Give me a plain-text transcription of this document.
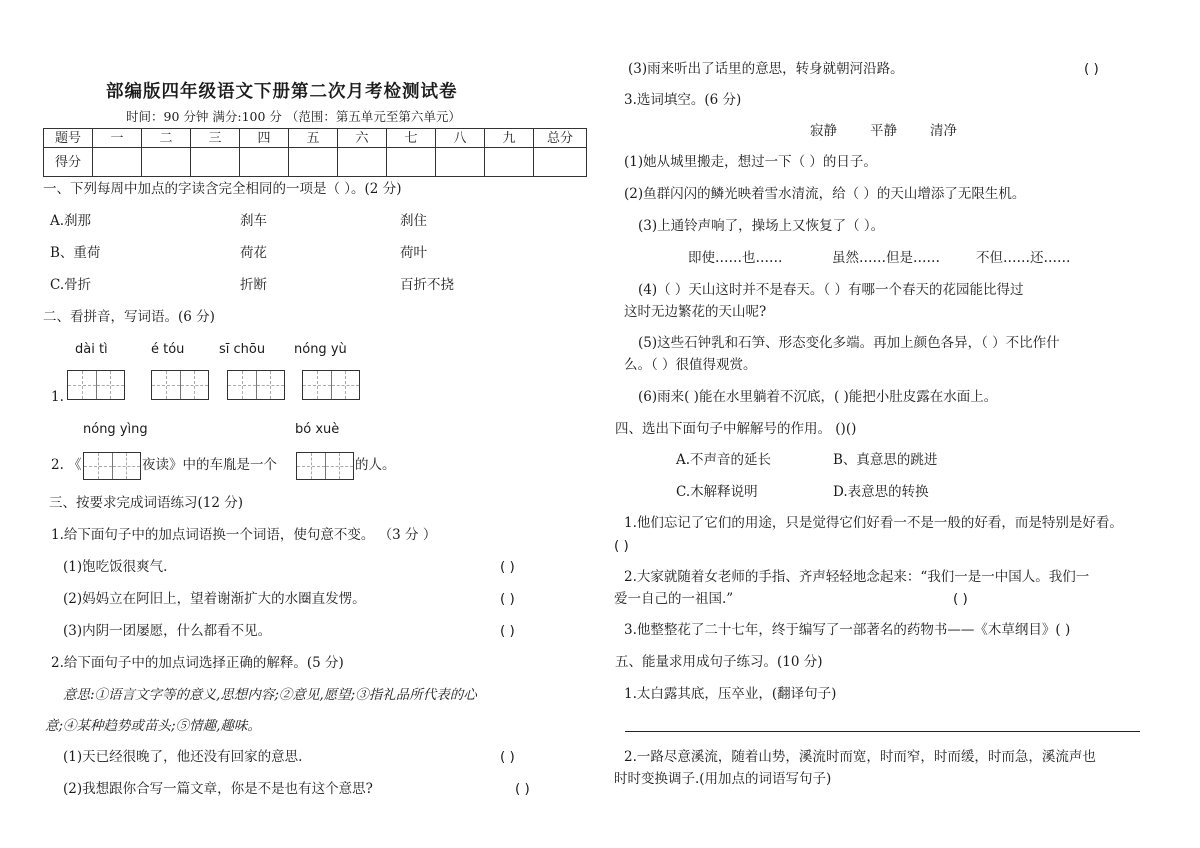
部编版四年级语文下册第二次月考检测试卷
时间：90 分钟 满分:100 分 （范围：第五单元至第六单元）
题号	一	二	三	四	五	六	七	八	九	总分
得分										
一、下列每周中加点的字读含完全相同的一项是（ ）。(2 分)
A.刹那	刹车	刹住
B、重荷	荷花	荷叶
C.骨折	折断	百折不挠
二、看拼音，写词语。(6 分)
dài tì	é tóu	sī chōu nóng yù
1.
nóng yìng	bó xuè
2. 《	夜读》中的车胤是一个	的人。
三、按要求完成词语练习(12 分)
1.给下面句子中的加点词语换一个词语，使句意不变。 （3 分 ）
(1)饱吃饭很爽气.	( )
(2)妈妈立在阿旧上，望着谢渐扩大的水圈直发愣。	( )
(3)内阴一团屡愿，什么都看不见。	( )
2.给下面句子中的加点词选择正确的解释。(5 分)
意思:①语言文字等的意义,思想内容;②意见,愿望;③指礼品所代表的心
意;④某种趋势或苗头;⑤情趣,趣味。
(1)天已经很晚了，他还没有回家的意思.	( )
(2)我想跟你合写一篇文章，你是不是也有这个意思?	( )
(3)雨来听出了话里的意思，转身就朝河沿路。	( )
3.选词填空。(6 分)
寂静 平静 清净
(1)她从城里搬走，想过一下（ ）的日子。
(2)鱼群闪闪的鳞光映着雪水清流，给（ ）的天山增添了无限生机。
(3)上通铃声响了，操场上又恢复了（ ）。
即使……也……	虽然……但是……	不但……还……
(4)（ ）天山这时并不是春天。（ ）有哪一个春天的花园能比得过
这时无边繁花的天山呢?
(5)这些石钟乳和石笋、形态变化多端。再加上颜色各异，（ ）不比作什
么。（ ）很值得观赏。
(6)雨来( )能在水里躺着不沉底，( )能把小肚皮露在水面上。
四、选出下面句子中解解号的作用。 ()()
A.不声音的延长	B、真意思的跳进
C.木解释说明	D.表意思的转换
1.他们忘记了它们的用途，只是觉得它们好看一不是一般的好看，而是特别是好看。
( )
2.大家就随着女老师的手指、齐声轻轻地念起来：“我们一是一中国人。我们一
爱一自己的一祖国.”	( )
3.他整整花了二十七年，终于编写了一部著名的药物书——《木草纲目》( )
五、能量求用成句子练习。(10 分)
1.太白露其底，压卒业，(翻译句子)
2.一路尽意溪流，随着山势，溪流时而宽，时而窄，时而缓，时而急，溪流声也
时时变换调子.(用加点的词语写句子)
